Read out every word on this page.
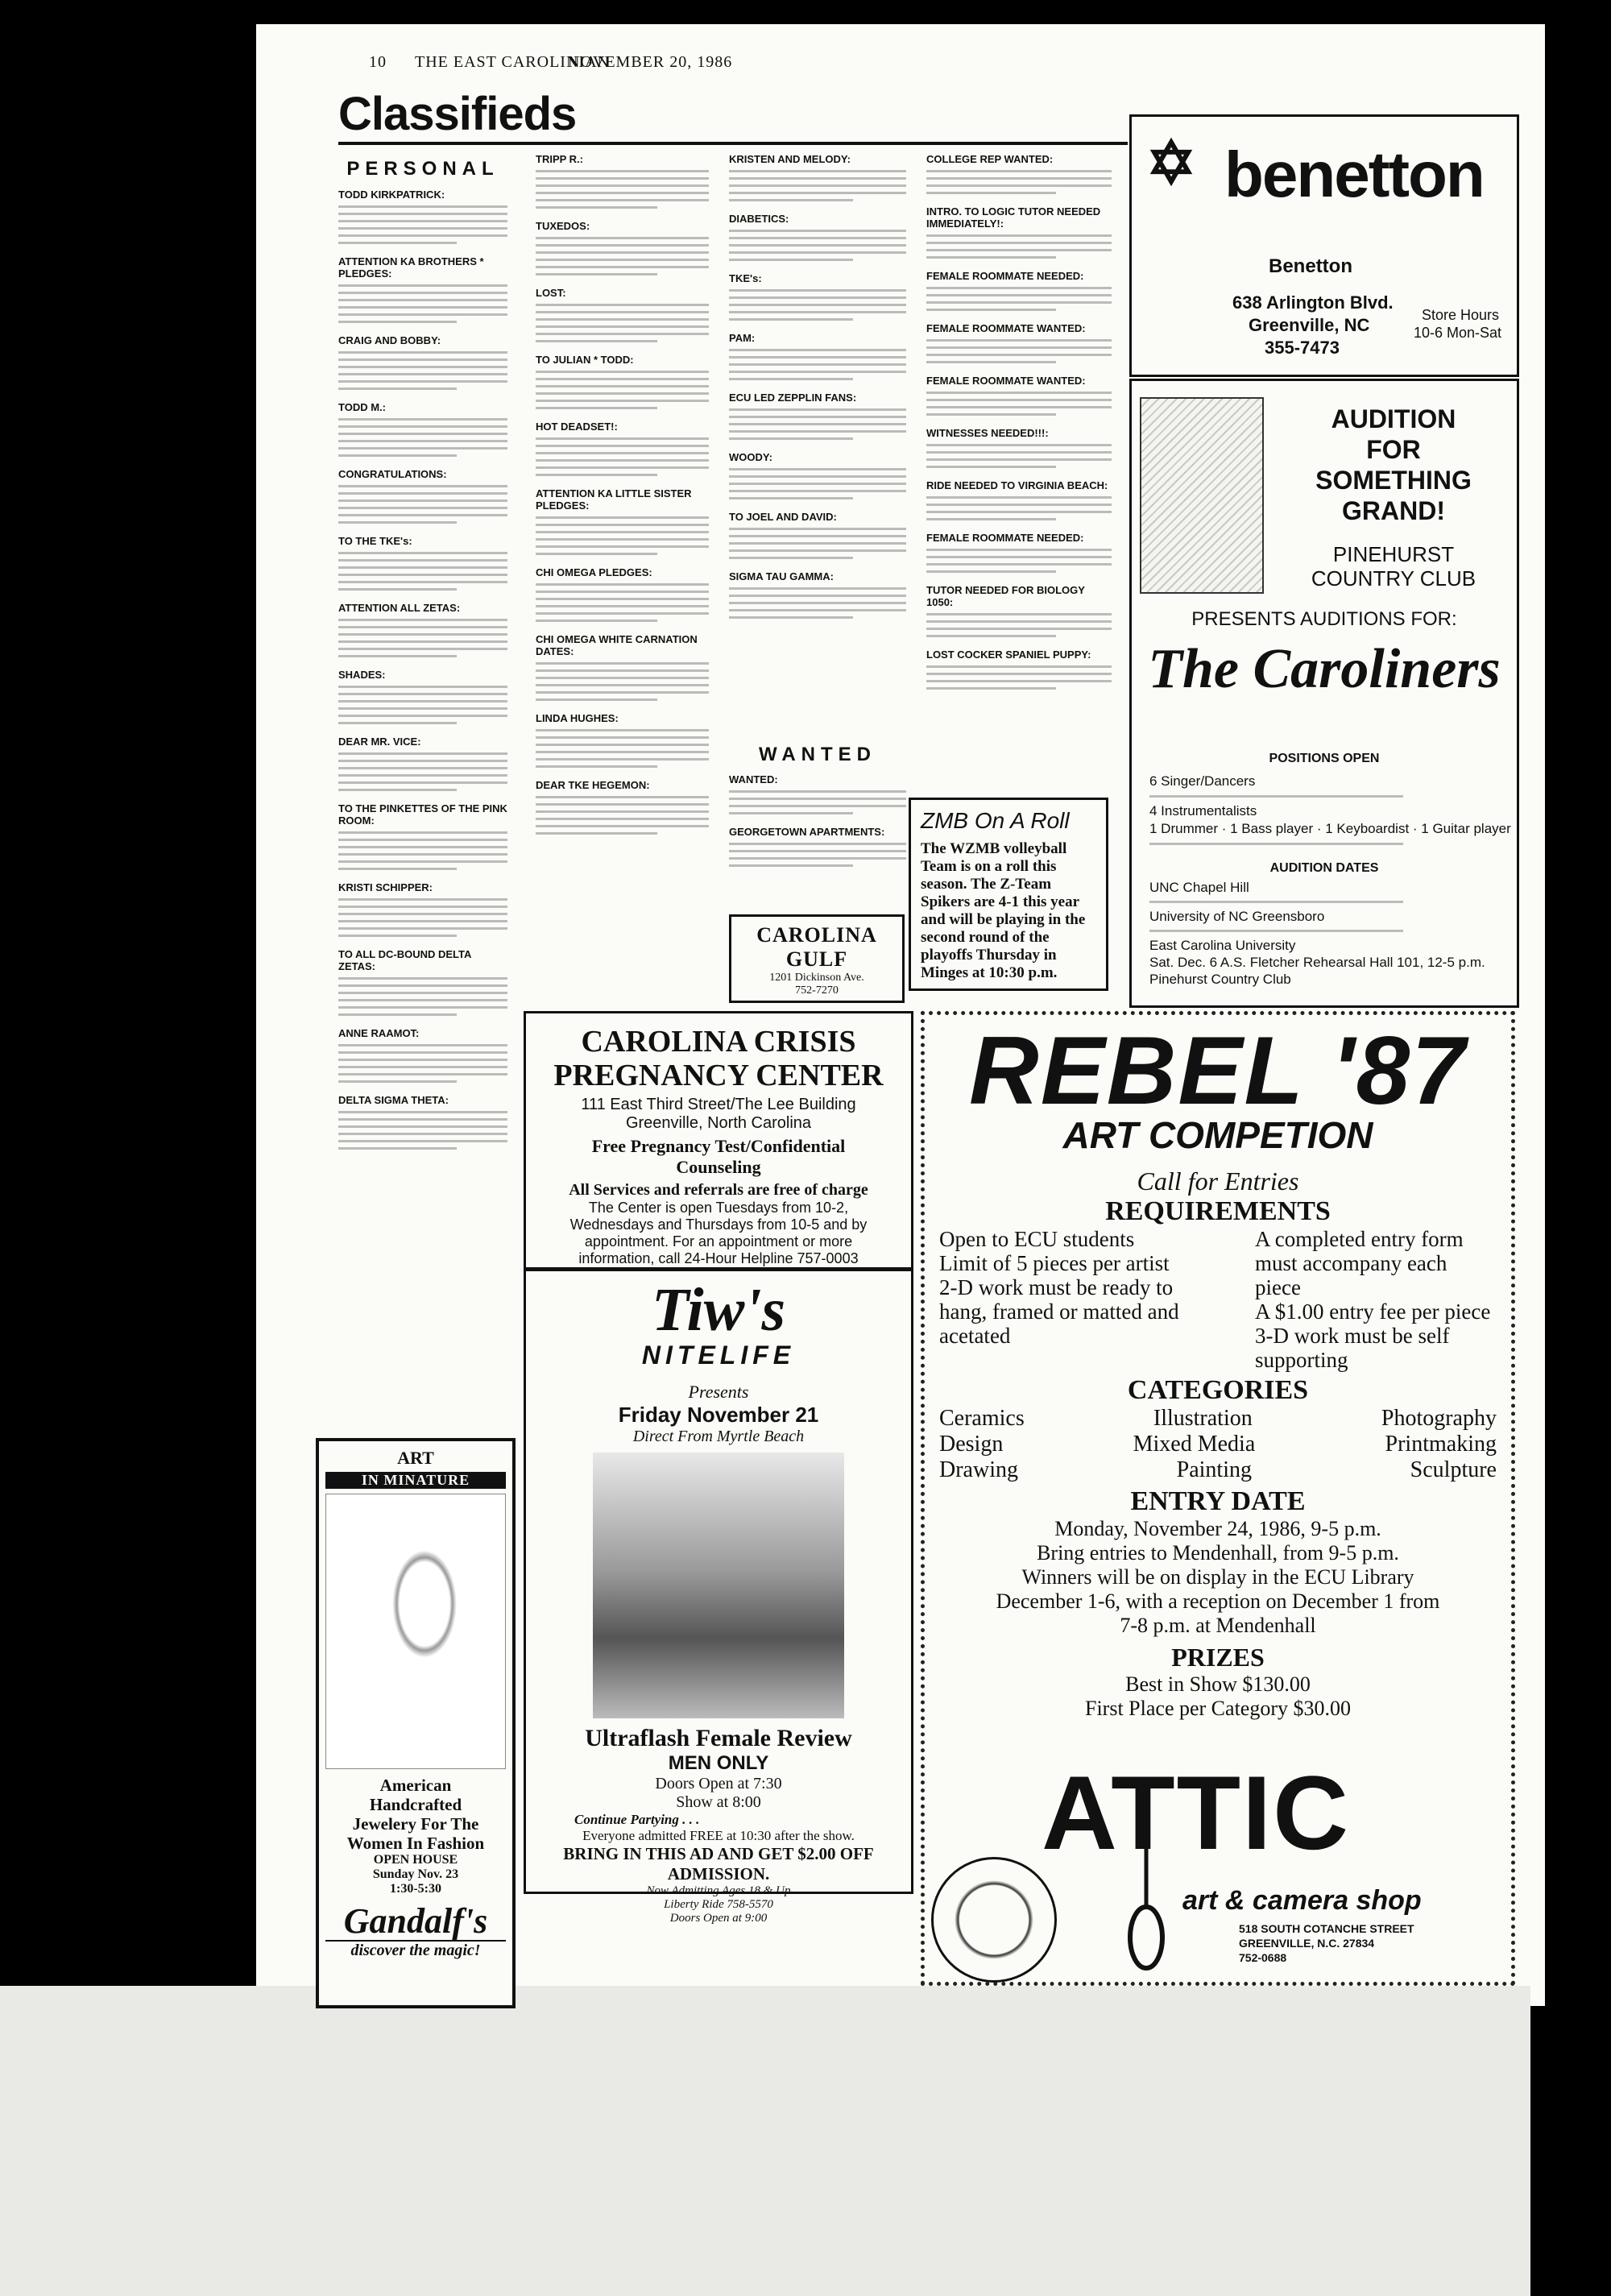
10 THE EAST CAROLINIAN
NOVEMBER 20, 1986
Classifieds
PERSONAL
TODD KIRKPATRICK:
ATTENTION KA BROTHERS * PLEDGES:
CRAIG AND BOBBY:
TODD M.:
CONGRATULATIONS:
TO THE TKE's:
ATTENTION ALL ZETAS:
SHADES:
DEAR MR. VICE:
TO THE PINKETTES OF THE PINK ROOM:
KRISTI SCHIPPER:
TO ALL DC-BOUND DELTA ZETAS:
ANNE RAAMOT:
DELTA SIGMA THETA:
TRIPP R.:
TUXEDOS:
LOST:
TO JULIAN * TODD:
HOT DEADSET!:
ATTENTION KA LITTLE SISTER PLEDGES:
CHI OMEGA PLEDGES:
CHI OMEGA WHITE CARNATION DATES:
LINDA HUGHES:
DEAR TKE HEGEMON:
KRISTEN AND MELODY:
DIABETICS:
TKE's:
PAM:
ECU LED ZEPPLIN FANS:
WOODY:
TO JOEL AND DAVID:
SIGMA TAU GAMMA:
WANTED
WANTED:
GEORGETOWN APARTMENTS:
COLLEGE REP WANTED:
INTRO. TO LOGIC TUTOR NEEDED IMMEDIATELY!:
FEMALE ROOMMATE NEEDED:
FEMALE ROOMMATE WANTED:
FEMALE ROOMMATE WANTED:
WITNESSES NEEDED!!!:
RIDE NEEDED TO VIRGINIA BEACH:
FEMALE ROOMMATE NEEDED:
TUTOR NEEDED FOR BIOLOGY 1050:
LOST COCKER SPANIEL PUPPY:
CAROLINA GULF
1201 Dickinson Ave.
752-7270
ZMB On A Roll
The WZMB volleyball Team is on a roll this season. The Z-Team Spikers are 4-1 this year and will be playing in the second round of the playoffs Thursday in Minges at 10:30 p.m.
✡ benetton
Benetton
638 Arlington Blvd.
Greenville, NC
355-7473
Store Hours
10-6 Mon-Sat
AUDITION
FOR
SOMETHING
GRAND!
PINEHURST
COUNTRY CLUB
PRESENTS AUDITIONS FOR:
The Caroliners
POSITIONS OPEN
6 Singer/Dancers
4 Instrumentalists
1 Drummer · 1 Bass player · 1 Keyboardist · 1 Guitar player
AUDITION DATES
UNC Chapel Hill
University of NC Greensboro
East Carolina University
Sat. Dec. 6 A.S. Fletcher Rehearsal Hall 101, 12-5 p.m.
Pinehurst Country Club
CAROLINA CRISIS
PREGNANCY CENTER
111 East Third Street/The Lee Building
Greenville, North Carolina
Free Pregnancy Test/Confidential
Counseling
All Services and referrals are free of charge
The Center is open Tuesdays from 10-2,
Wednesdays and Thursdays from 10-5 and by
appointment. For an appointment or more
information, call 24-Hour Helpline 757-0003
Tiw's
NITELIFE
Presents
Friday November 21
Direct From Myrtle Beach
Ultraflash Female Review
MEN ONLY
Doors Open at 7:30
Show at 8:00
Continue Partying . . .
Everyone admitted FREE at 10:30 after the show.
BRING IN THIS AD AND GET $2.00 OFF ADMISSION.
Now Admitting Ages 18 & Up
Liberty Ride 758-5570
Doors Open at 9:00
ART
IN MINATURE
American
Handcrafted
Jewelery For The
Women In Fashion
OPEN HOUSE
Sunday Nov. 23
1:30-5:30
Gandalf's
discover the magic!
REBEL '87
ART COMPETION
Call for Entries
REQUIREMENTS
Open to ECU students
Limit of 5 pieces per artist
2-D work must be ready to hang, framed or matted and acetated
A completed entry form must accompany each piece
A $1.00 entry fee per piece
3-D work must be self supporting
CATEGORIES
Ceramics	Illustration	Photography
Design	Mixed Media	Printmaking
Drawing	Painting	Sculpture
ENTRY DATE
Monday, November 24, 1986, 9-5 p.m.
Bring entries to Mendenhall, from 9-5 p.m.
Winners will be on display in the ECU Library
December 1-6, with a reception on December 1 from
7-8 p.m. at Mendenhall
PRIZES
Best in Show $130.00
First Place per Category $30.00
ATTIC
art & camera shop
518 SOUTH COTANCHE STREET
GREENVILLE, N.C. 27834
752-0688
